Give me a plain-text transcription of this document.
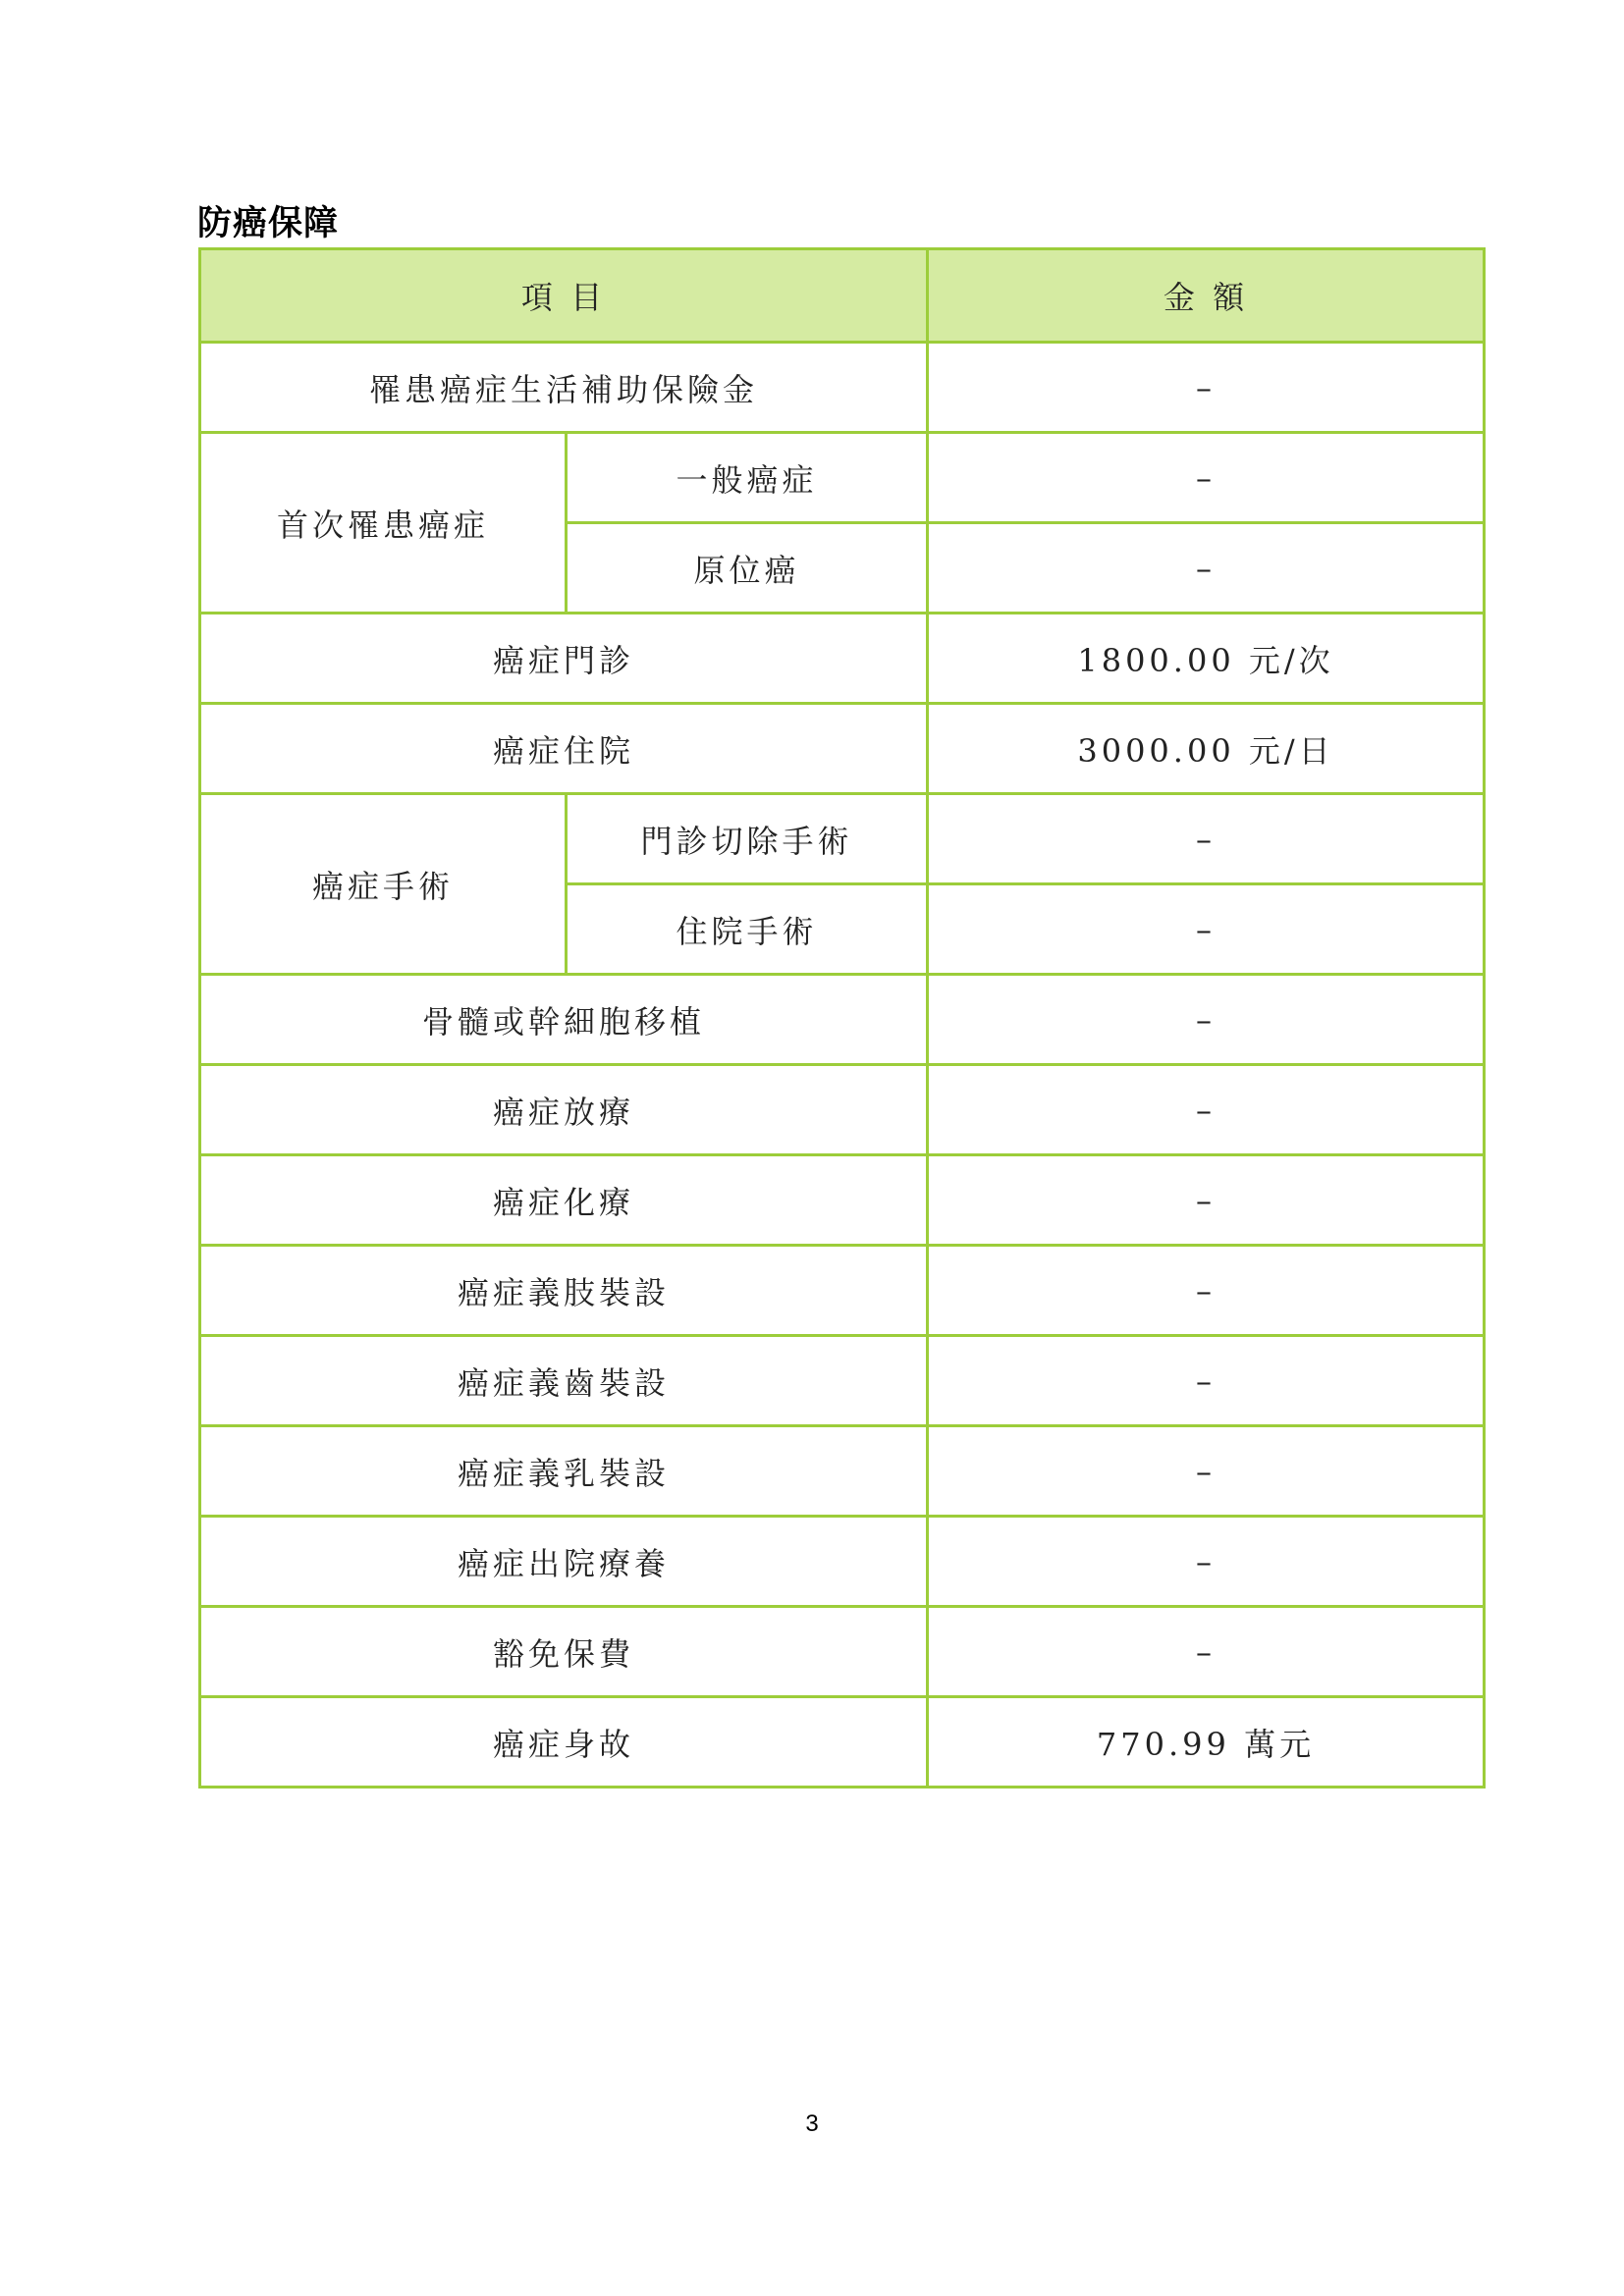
防癌保障
項 目		金 額
罹患癌症生活補助保險金		–
首次罹患癌症	一般癌症	–
	原位癌	–
癌症門診		1800.00 元/次
癌症住院		3000.00 元/日
癌症手術	門診切除手術	–
	住院手術	–
骨髓或幹細胞移植		–
癌症放療		–
癌症化療		–
癌症義肢裝設		–
癌症義齒裝設		–
癌症義乳裝設		–
癌症出院療養		–
豁免保費		–
癌症身故		770.99 萬元
3
